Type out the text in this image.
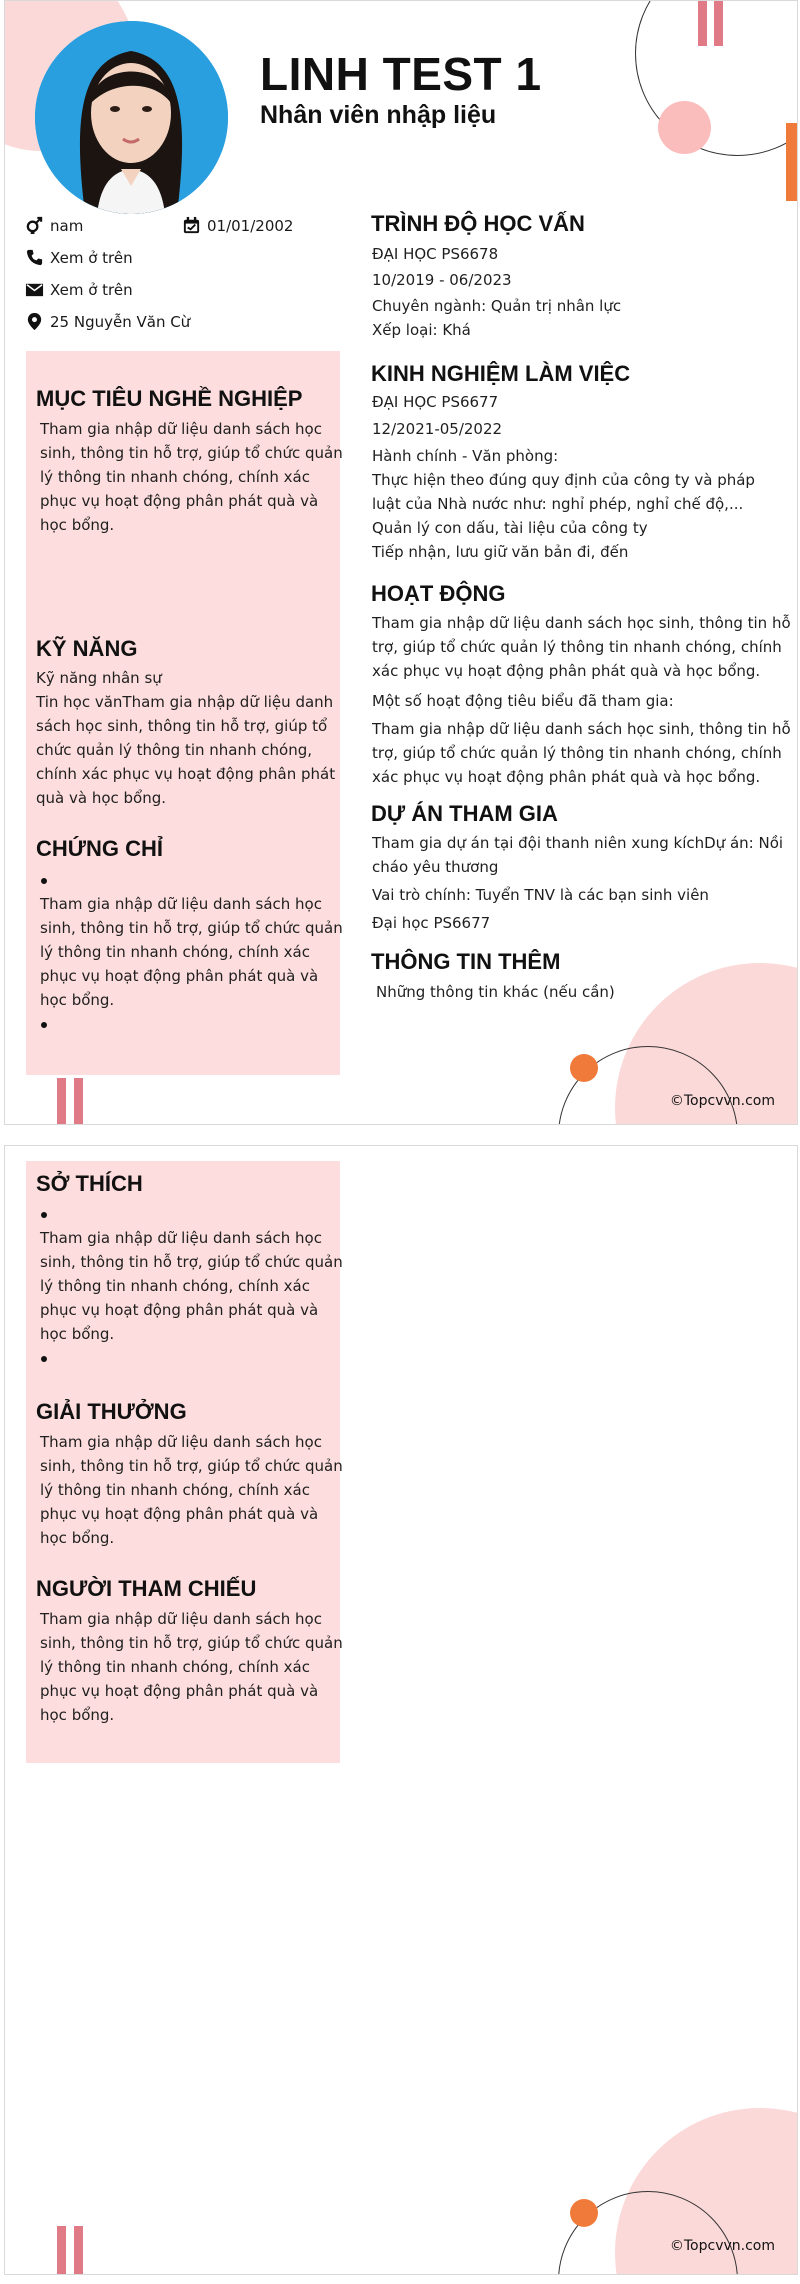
LINH TEST 1
Nhân viên nhập liệu
nam	01/01/2002
Xem ở trên
Xem ở trên
25 Nguyễn Văn Cừ
MỤC TIÊU NGHỀ NGHIỆP
Tham gia nhập dữ liệu danh sách học
sinh, thông tin hỗ trợ, giúp tổ chức quản
lý thông tin nhanh chóng, chính xác
phục vụ hoạt động phân phát quà và
học bổng.
KỸ NĂNG
Kỹ năng nhân sự
Tin học vănTham gia nhập dữ liệu danh
sách học sinh, thông tin hỗ trợ, giúp tổ
chức quản lý thông tin nhanh chóng,
chính xác phục vụ hoạt động phân phát
quà và học bổng.
CHỨNG CHỈ
Tham gia nhập dữ liệu danh sách học
sinh, thông tin hỗ trợ, giúp tổ chức quản
lý thông tin nhanh chóng, chính xác
phục vụ hoạt động phân phát quà và
học bổng.
TRÌNH ĐỘ HỌC VẤN
ĐẠI HỌC PS6678
10/2019 - 06/2023
Chuyên ngành: Quản trị nhân lực
Xếp loại: Khá
KINH NGHIỆM LÀM VIỆC
ĐẠI HỌC PS6677
12/2021-05/2022
Hành chính - Văn phòng:
Thực hiện theo đúng quy định của công ty và pháp
luật của Nhà nước như: nghỉ phép, nghỉ chế độ,...
Quản lý con dấu, tài liệu của công ty
Tiếp nhận, lưu giữ văn bản đi, đến
HOẠT ĐỘNG
Tham gia nhập dữ liệu danh sách học sinh, thông tin hỗ
trợ, giúp tổ chức quản lý thông tin nhanh chóng, chính
xác phục vụ hoạt động phân phát quà và học bổng.
Một số hoạt động tiêu biểu đã tham gia:
Tham gia nhập dữ liệu danh sách học sinh, thông tin hỗ
trợ, giúp tổ chức quản lý thông tin nhanh chóng, chính
xác phục vụ hoạt động phân phát quà và học bổng.
DỰ ÁN THAM GIA
Tham gia dự án tại đội thanh niên xung kíchDự án: Nồi
cháo yêu thương
Vai trò chính: Tuyển TNV là các bạn sinh viên
Đại học PS6677
THÔNG TIN THÊM
Những thông tin khác (nếu cần)
©Topcvvn.com
SỞ THÍCH
Tham gia nhập dữ liệu danh sách học
sinh, thông tin hỗ trợ, giúp tổ chức quản
lý thông tin nhanh chóng, chính xác
phục vụ hoạt động phân phát quà và
học bổng.
GIẢI THƯỞNG
Tham gia nhập dữ liệu danh sách học
sinh, thông tin hỗ trợ, giúp tổ chức quản
lý thông tin nhanh chóng, chính xác
phục vụ hoạt động phân phát quà và
học bổng.
NGƯỜI THAM CHIẾU
Tham gia nhập dữ liệu danh sách học
sinh, thông tin hỗ trợ, giúp tổ chức quản
lý thông tin nhanh chóng, chính xác
phục vụ hoạt động phân phát quà và
học bổng.
©Topcvvn.com
